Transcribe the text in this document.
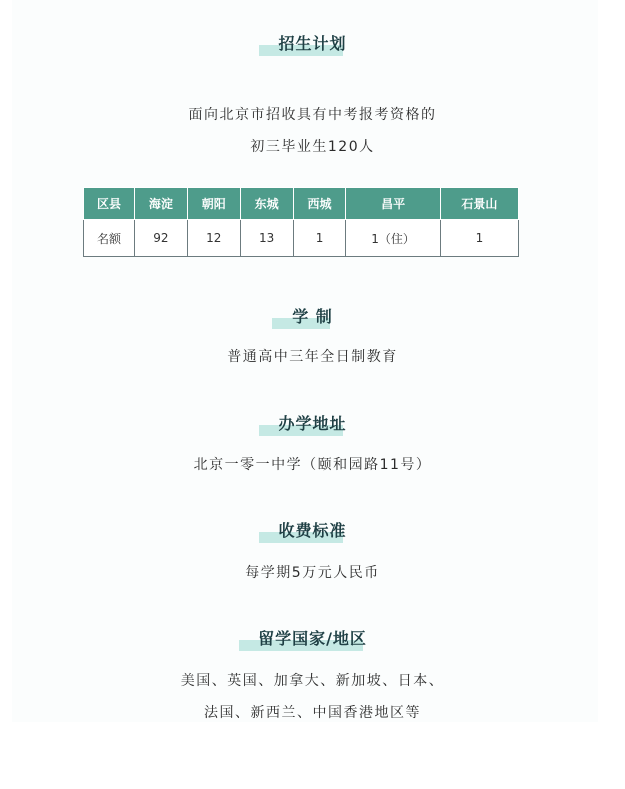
招生计划
面向北京市招收具有中考报考资格的
初三毕业生120人
区县	海淀	朝阳	东城	西城	昌平	石景山
名额	92	12	13	1	1（住）	1
学 制
普通高中三年全日制教育
办学地址
北京一零一中学（颐和园路11号）
收费标准
每学期5万元人民币
留学国家/地区
美国、英国、加拿大、新加坡、日本、
法国、新西兰、中国香港地区等
